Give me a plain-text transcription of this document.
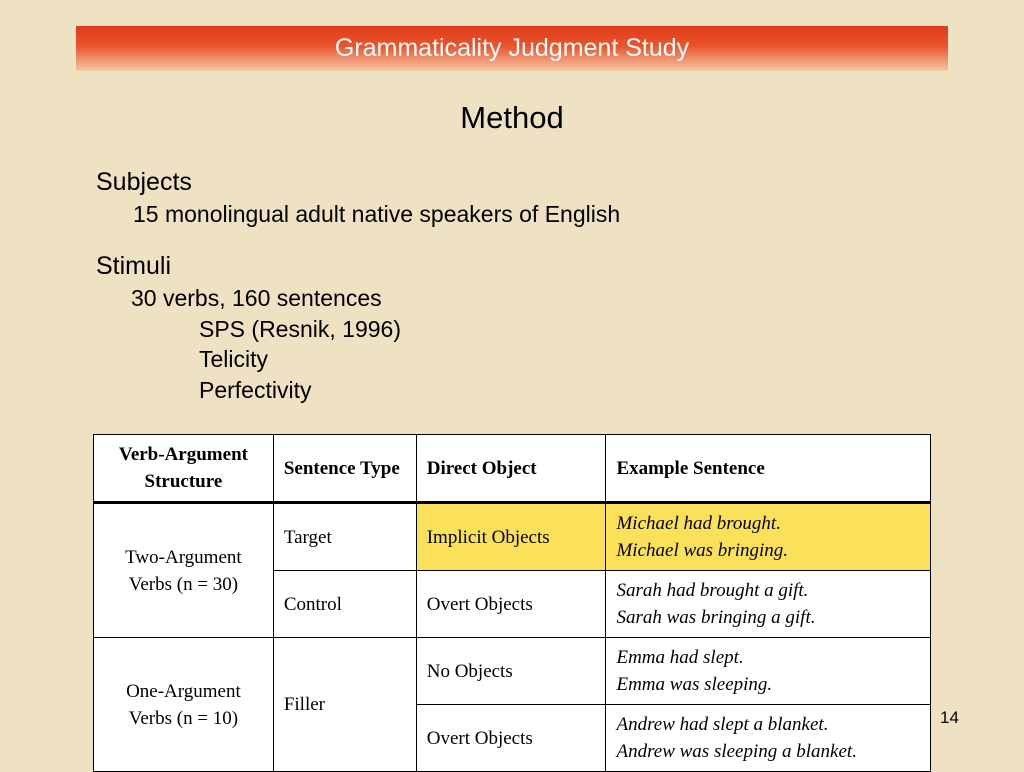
Grammaticality Judgment Study
Method
Subjects
15 monolingual adult native speakers of English
Stimuli
30 verbs, 160 sentences
SPS (Resnik, 1996)
Telicity
Perfectivity
Verb-Argument Structure	Sentence Type	Direct Object	Example Sentence
Two-Argument Verbs (n = 30)	Target	Implicit Objects	Michael had brought.
Michael was bringing.

	Control	Overt Objects	Sarah had brought a gift.
Sarah was bringing a gift.

One-Argument Verbs (n = 10)	Filler	No Objects	Emma had slept.
Emma was sleeping.

		Overt Objects	Andrew had slept a blanket.
Andrew was sleeping a blanket.
14
